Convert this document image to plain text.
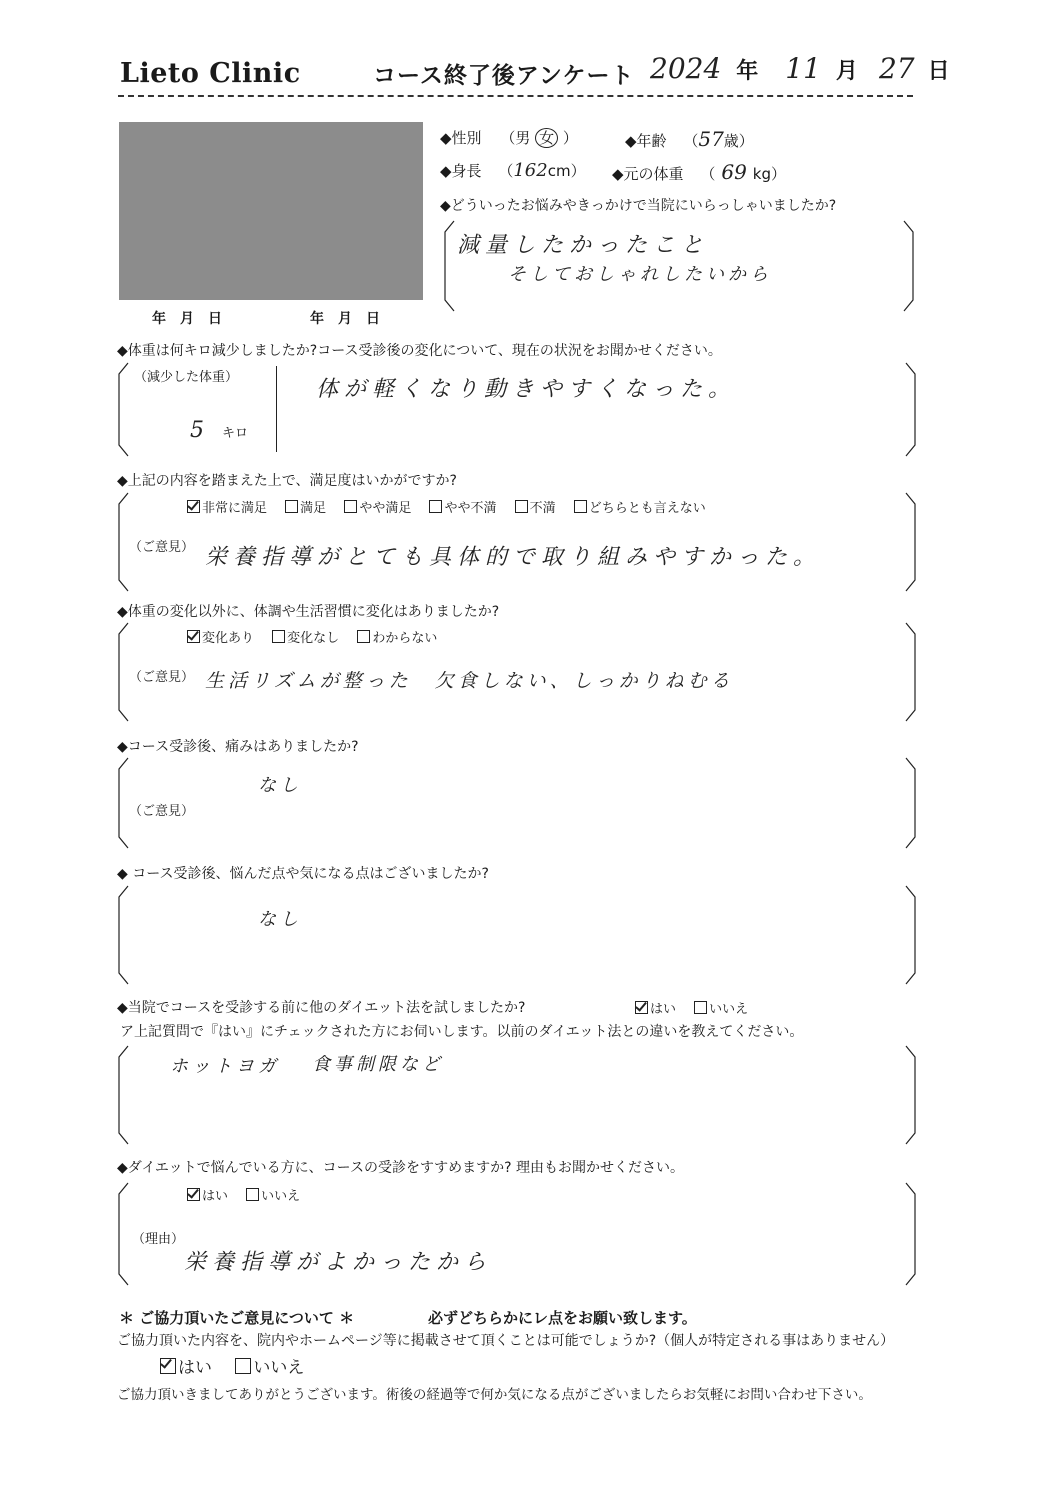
Lieto Clinic	コース終了後アンケート 2024 年 11 月 27 日
年　月　日	年　月　日
◆性別 （男 女 ）	◆年齢 （57歳）
◆身長 （162cm） ◆元の体重 （ 69 kg）
◆どういったお悩みやきっかけで当院にいらっしゃいましたか?
減量したかったこと
そしておしゃれしたいから
◆体重は何キロ減少しましたか?コース受診後の変化について、現在の状況をお聞かせください。
（減少した体重）
5 キロ
体が軽くなり動きやすくなった。
◆上記の内容を踏まえた上で、満足度はいかがですか?
非常に満足	満足	やや満足	やや不満	不満	どちらとも言えない
（ご意見） 栄養指導がとても具体的で取り組みやすかった。
◆体重の変化以外に、体調や生活習慣に変化はありましたか?
変化あり	変化なし	わからない
（ご意見） 生活リズムが整った　欠食しない、しっかりねむる
◆コース受診後、痛みはありましたか?
なし
（ご意見）
◆ コース受診後、悩んだ点や気になる点はございましたか?
なし
◆当院でコースを受診する前に他のダイエット法を試しましたか?	はい	いいえ
ア上記質問で『はい』にチェックされた方にお伺いします。以前のダイエット法との違いを教えてください。
ホットヨガ 食事制限など
◆ダイエットで悩んでいる方に、コースの受診をすすめますか? 理由もお聞かせください。
はい	いいえ
（理由）
栄養指導がよかったから
＊ ご協力頂いたご意見について ＊	必ずどちらかにレ点をお願い致します。
ご協力頂いた内容を、院内やホームページ等に掲載させて頂くことは可能でしょうか?（個人が特定される事はありません）
はい いいえ
ご協力頂いきましてありがとうございます。術後の経過等で何か気になる点がございましたらお気軽にお問い合わせ下さい。
